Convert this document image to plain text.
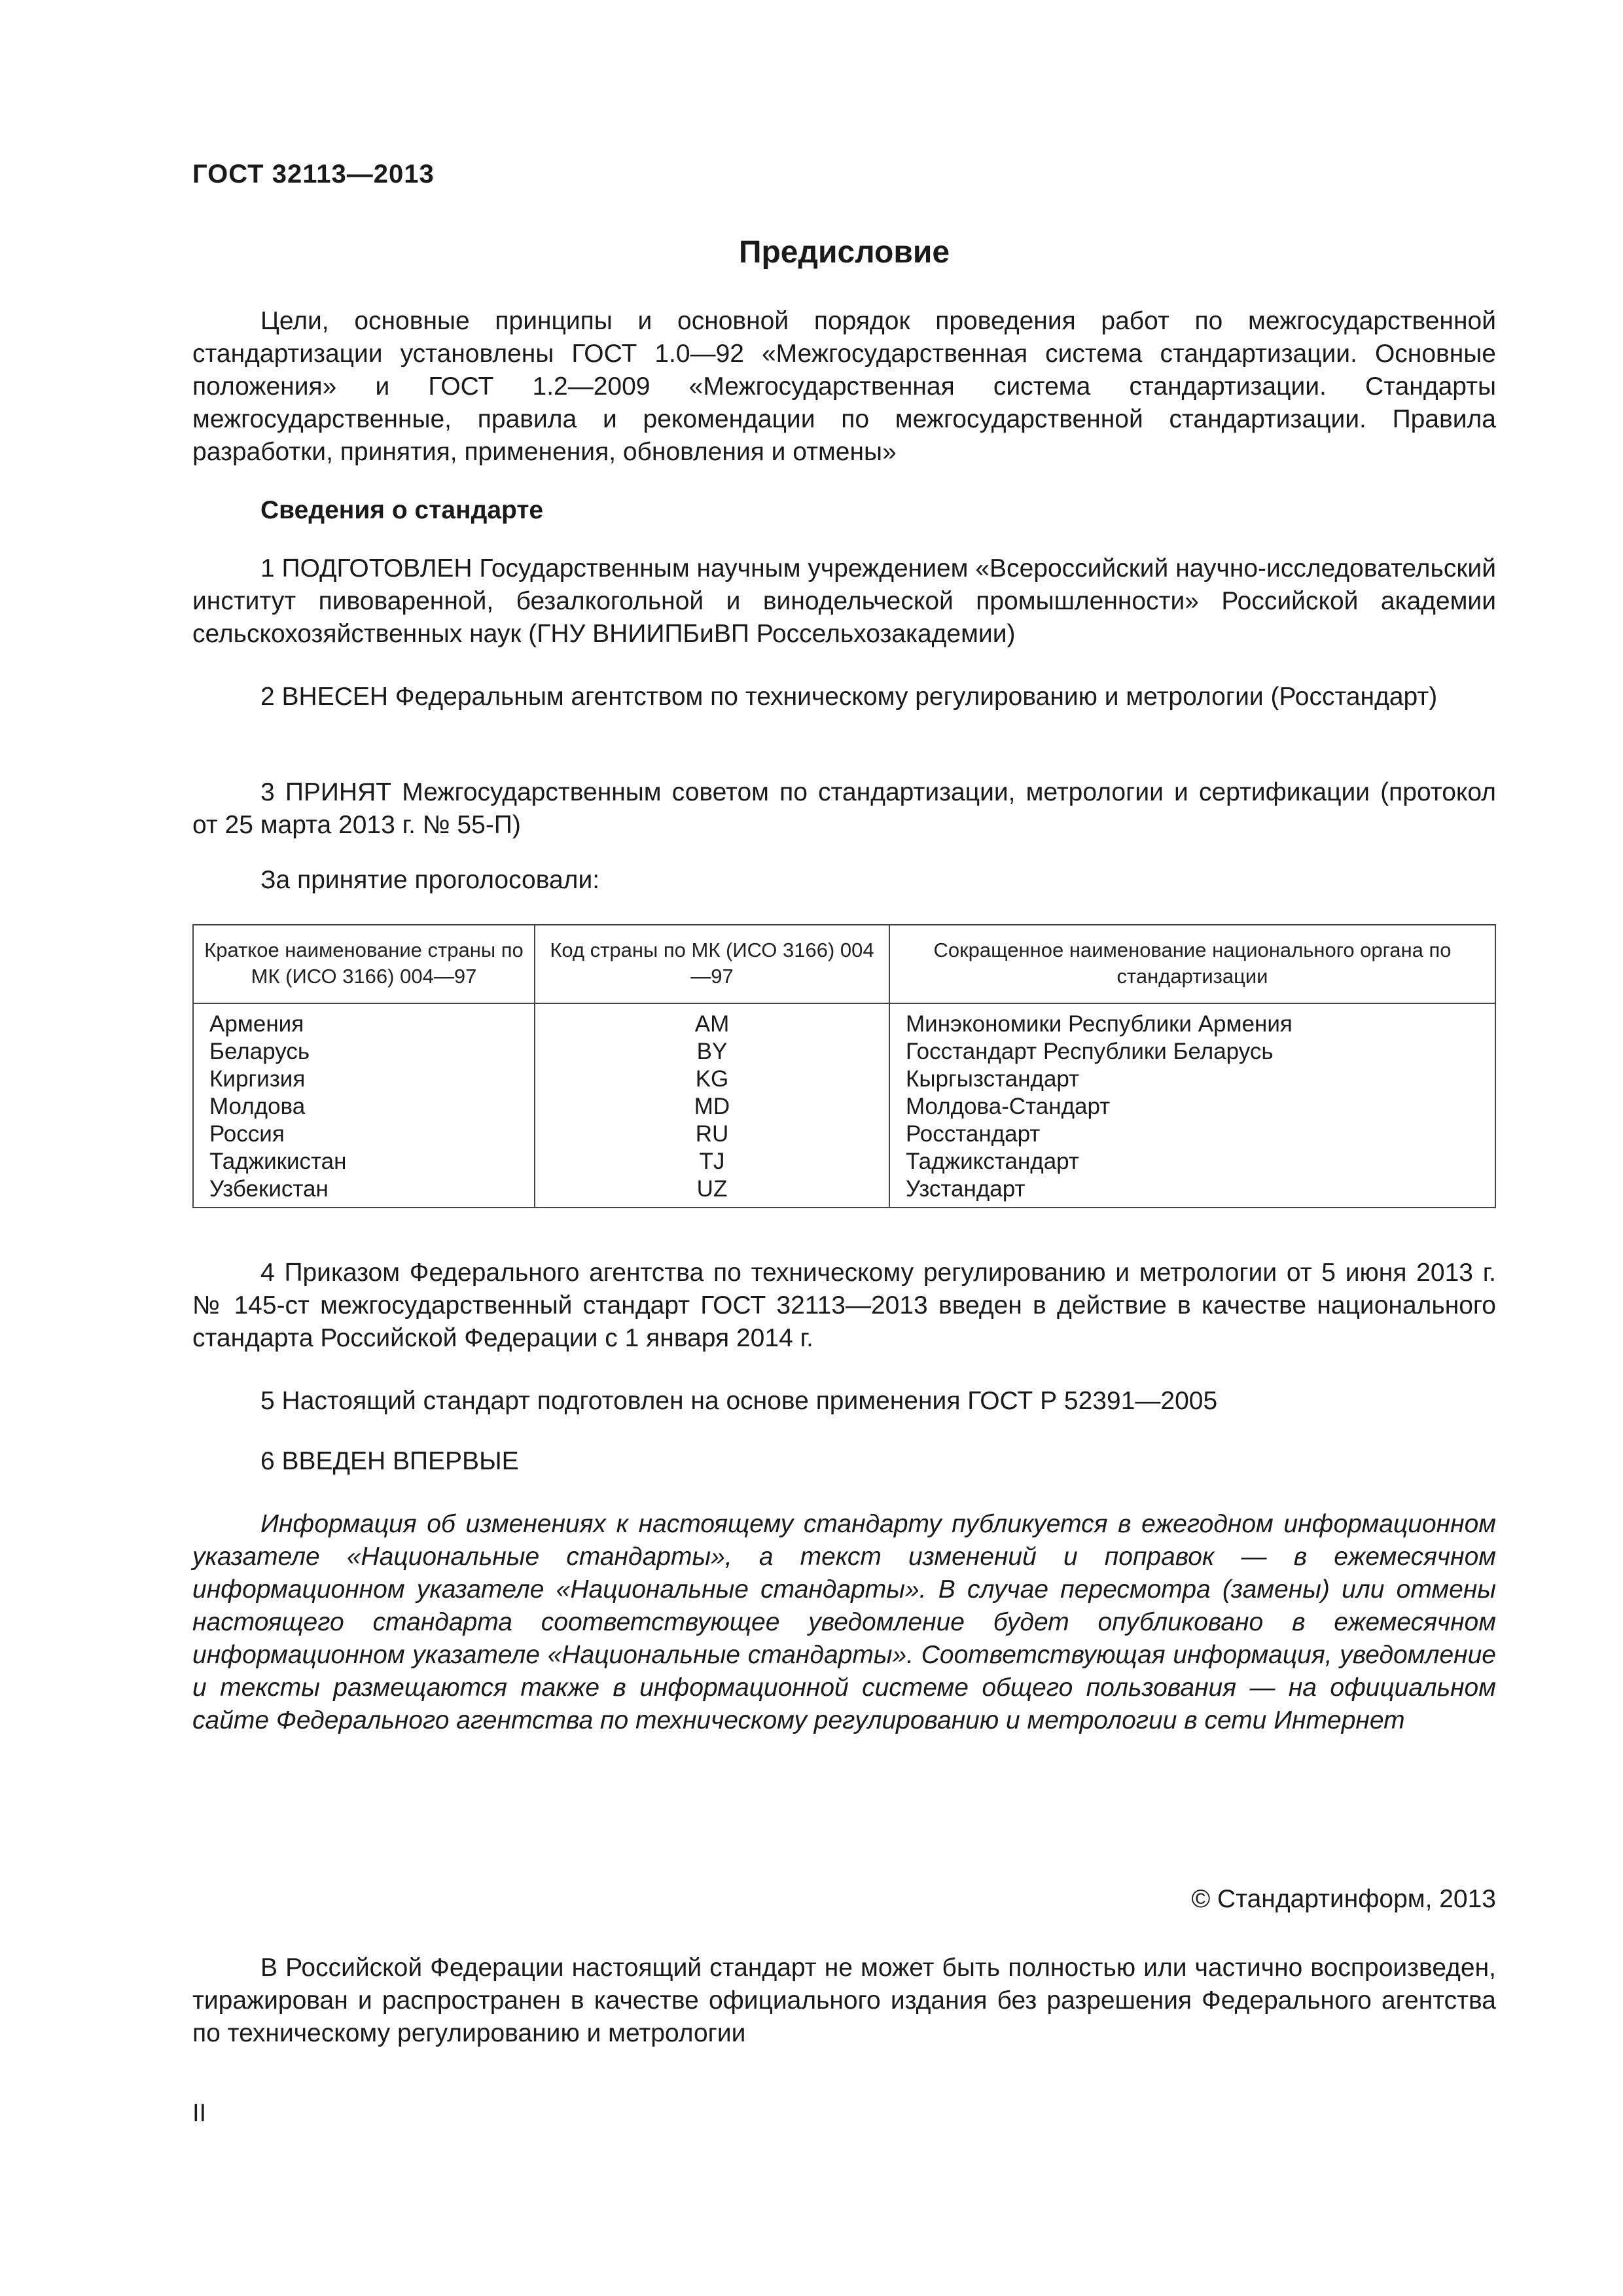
ГОСТ 32113—2013
Предисловие

Цели, основные принципы и основной порядок проведения работ по межгосударственной стандартизации установлены ГОСТ 1.0—92 «Межгосударственная система стандартизации. Основные положения» и ГОСТ 1.2—2009 «Межгосударственная система стандартизации. Стандарты межгосударственные, правила и рекомендации по межгосударственной стандартизации. Правила разработки, принятия, применения, обновления и отмены»

Сведения о стандарте

1 ПОДГОТОВЛЕН Государственным научным учреждением «Всероссийский научно-исследовательский институт пивоваренной, безалкогольной и винодельческой промышленности» Российской академии сельскохозяйственных наук (ГНУ ВНИИПБиВП Россельхозакадемии)

2 ВНЕСЕН Федеральным агентством по техническому регулированию и метрологии (Росстандарт)

3 ПРИНЯТ Межгосударственным советом по стандартизации, метрологии и сертификации (протокол от 25 марта 2013 г. № 55-П)

За принятие проголосовали:
Краткое наименование страны по МК (ИСО 3166) 004—97	Код страны по МК (ИСО 3166) 004—97	Сокращенное наименование национального органа по стандартизации
Армения	AM	Минэкономики Республики Армения
Беларусь	BY	Госстандарт Республики Беларусь
Киргизия	KG	Кыргызстандарт
Молдова	MD	Молдова-Стандарт
Россия	RU	Росстандарт
Таджикистан	TJ	Таджикстандарт
Узбекистан	UZ	Узстандарт

4 Приказом Федерального агентства по техническому регулированию и метрологии от 5 июня 2013 г. № 145-ст межгосударственный стандарт ГОСТ 32113—2013 введен в действие в качестве национального стандарта Российской Федерации с 1 января 2014 г.

5 Настоящий стандарт подготовлен на основе применения ГОСТ Р 52391—2005

6 ВВЕДЕН ВПЕРВЫЕ

Информация об изменениях к настоящему стандарту публикуется в ежегодном информационном указателе «Национальные стандарты», а текст изменений и поправок — в ежемесячном информационном указателе «Национальные стандарты». В случае пересмотра (замены) или отмены настоящего стандарта соответствующее уведомление будет опубликовано в ежемесячном информационном указателе «Национальные стандарты». Соответствующая информация, уведомление и тексты размещаются также в информационной системе общего пользования — на официальном сайте Федерального агентства по техническому регулированию и метрологии в сети Интернет

© Стандартинформ, 2013

В Российской Федерации настоящий стандарт не может быть полностью или частично воспроизведен, тиражирован и распространен в качестве официального издания без разрешения Федерального агентства по техническому регулированию и метрологии

II
